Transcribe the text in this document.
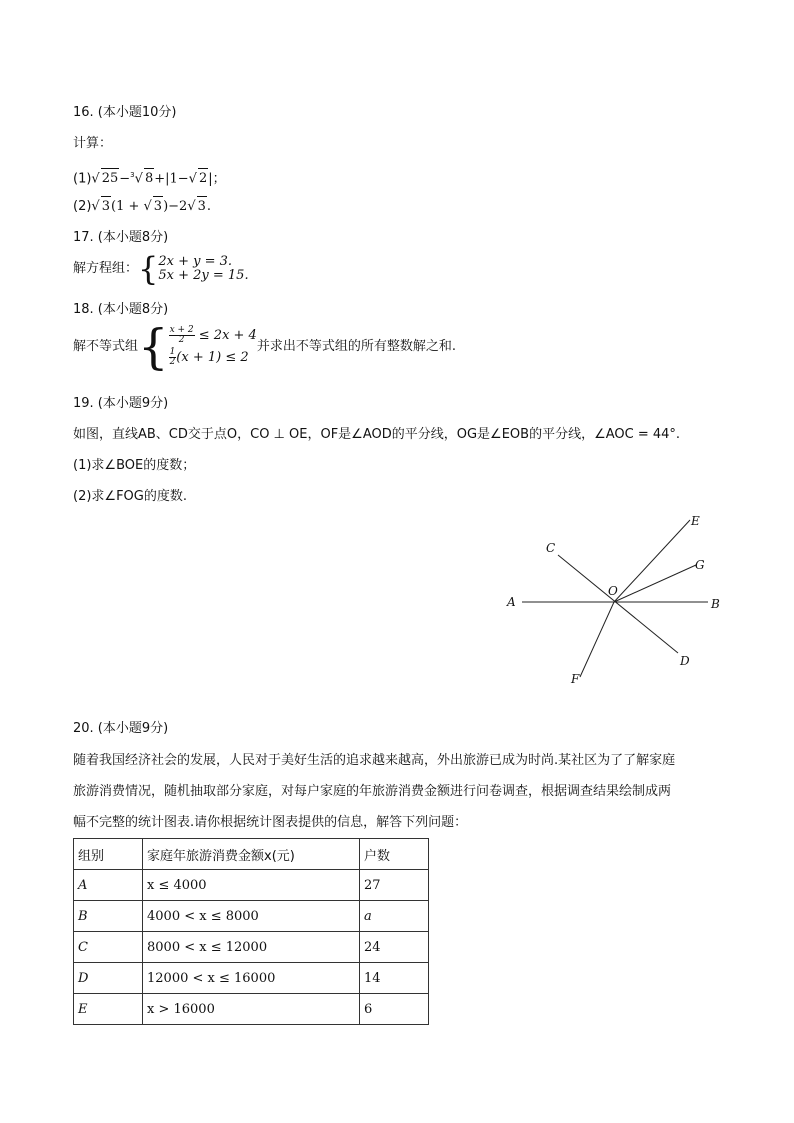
16. (本小题10分)
计算：
(1)√ 25−$^3$√ 8+|1−√ 2|；
(2)√ 3(1 + √ 3)−2√ 3.
17. (本小题8分)
解方程组：{ 2x + y = 3.
5x + 2y = 15.
18. (本小题8分)
解不等式组{ $\frac{x + 2}{2} \le 2x + 4$
$\frac{1}{2} (x + 1) \le 2$
并求出不等式组的所有整数解之和.
19. (本小题9分)
如图，直线AB、CD交于点O，CO ⊥ OE，OF是∠AOD的平分线，OG是∠EOB的平分线，∠AOC = 44°.
(1)求∠BOE的度数；
(2)求∠FOG的度数.
A	B
C
D
E
F
G
O
20. (本小题9分)
随着我国经济社会的发展，人民对于美好生活的追求越来越高，外出旅游已成为时尚.某社区为了了解家庭
旅游消费情况，随机抽取部分家庭，对每户家庭的年旅游消费金额进行问卷调查，根据调查结果绘制成两
幅不完整的统计图表.请你根据统计图表提供的信息，解答下列问题：
组别	家庭年旅游消费金额x(元)	户数
A	x ≤ 4000	27
B	4000 < x ≤ 8000	a
C	8000 < x ≤ 12000	24
D	12000 < x ≤ 16000	14
E	x > 16000	6
